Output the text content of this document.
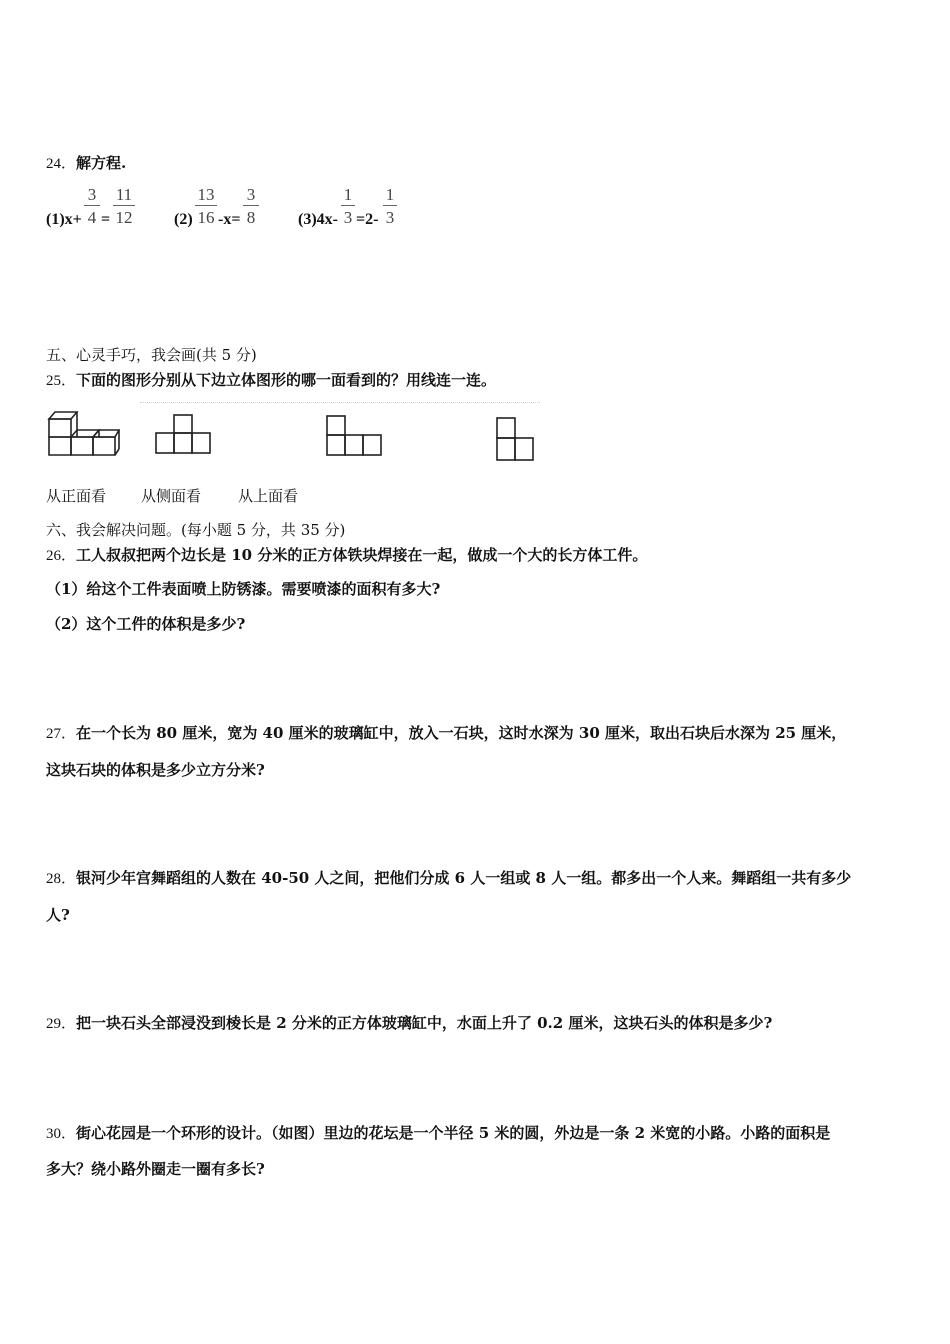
24．解方程.
(1)x+
3
4 =
11
12	(2)
13
16 -x=
3
8	(3)4x-
1
3 =2-
1
3
五、心灵手巧，我会画(共 5 分)
25．下面的图形分别从下边立体图形的哪一面看到的？用线连一连。
从正面看 从侧面看 从上面看
六、我会解决问题。(每小题 5 分，共 35 分)
26．工人叔叔把两个边长是 10 分米的正方体铁块焊接在一起，做成一个大的长方体工件。
（1）给这个工件表面喷上防锈漆。需要喷漆的面积有多大?
（2）这个工件的体积是多少?
27．在一个长为 80 厘米，宽为 40 厘米的玻璃缸中，放入一石块，这时水深为 30 厘米，取出石块后水深为 25 厘米，
这块石块的体积是多少立方分米?
28．银河少年宫舞蹈组的人数在 40-50 人之间，把他们分成 6 人一组或 8 人一组。都多出一个人来。舞蹈组一共有多少
人?
29．把一块石头全部浸没到棱长是 2 分米的正方体玻璃缸中，水面上升了 0.2 厘米，这块石头的体积是多少?
30．街心花园是一个环形的设计。（如图）里边的花坛是一个半径 5 米的圆，外边是一条 2 米宽的小路。小路的面积是
多大？绕小路外圈走一圈有多长?
